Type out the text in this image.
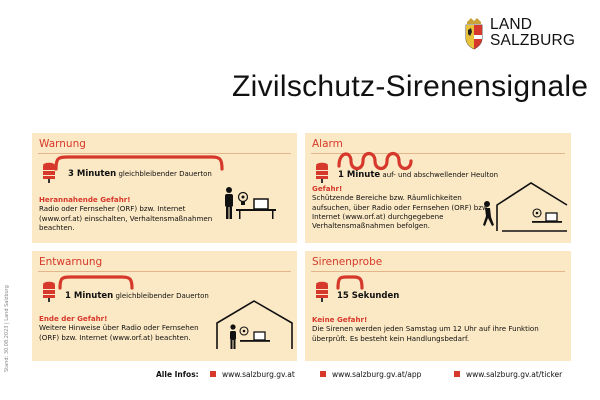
LAND
SALZBURG
Zivilschutz-Sirenensignale
Stand: 30.08.2023 | Land Salzburg
Warnung
3 Minuten gleichbleibender Dauerton
Herannahende Gefahr!
Radio oder Fernseher (ORF) bzw. Internet (www.orf.at) einschalten, Verhaltensmaßnahmen beachten.
Alarm
1 Minute auf- und abschwellender Heulton
Gefahr!
Schützende Bereiche bzw. Räumlichkeiten aufsuchen, über Radio oder Fernsehen (ORF) bzw. Internet (www.orf.at) durchgegebene Verhaltensmaßnahmen befolgen.
Entwarnung
1 Minuten gleichbleibender Dauerton
Ende der Gefahr!
Weitere Hinweise über Radio oder Fernsehen (ORF) bzw. Internet (www.orf.at) beachten.
Sirenenprobe
15 Sekunden
Keine Gefahr!
Die Sirenen werden jeden Samstag um 12 Uhr auf ihre Funktion überprüft. Es besteht kein Handlungsbedarf.
Alle Infos:	www.salzburg.gv.at	www.salzburg.gv.at/app	www.salzburg.gv.at/ticker
